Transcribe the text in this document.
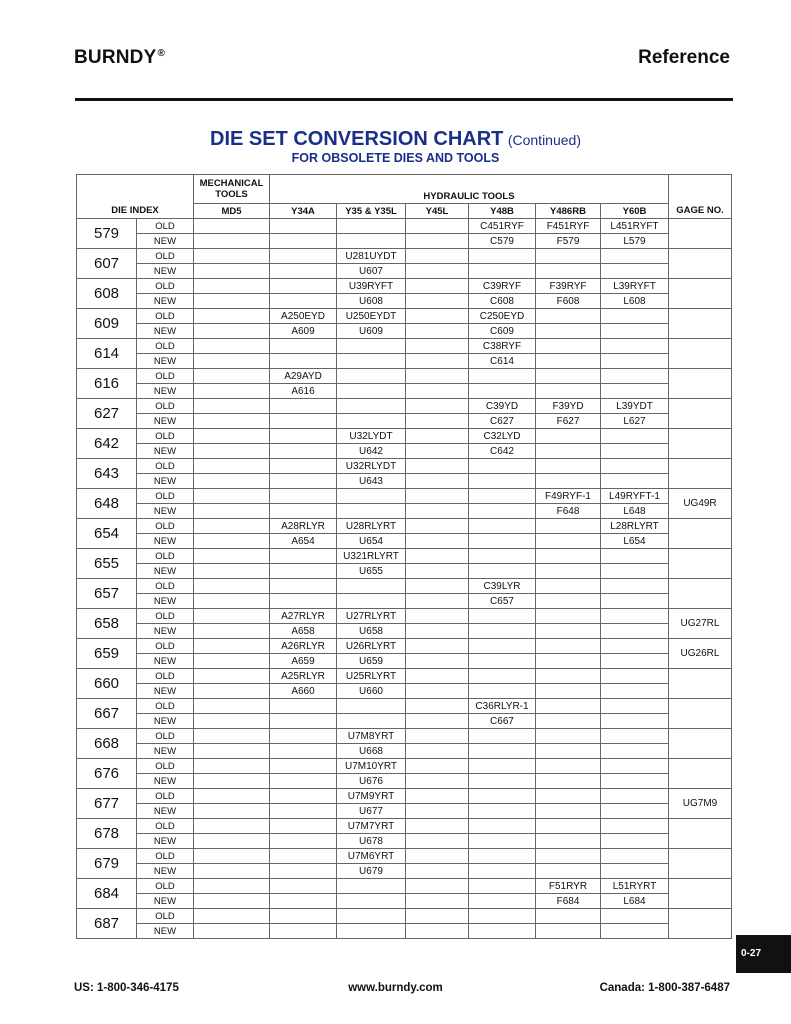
BURNDY®	Reference
DIE SET CONVERSION CHART (Continued)
FOR OBSOLETE DIES AND TOOLS
		MECHANICAL TOOLS	HYDRAULIC TOOLS						
DIE INDEX		MD5	Y34A	Y35 & Y35L	Y45L	Y48B	Y486RB	Y60B	GAGE NO.
579	OLD					C451RYF	F451RYF	L451RYFT	
	NEW					C579	F579	L579	
607	OLD			U281UYDT					
	NEW			U607					
608	OLD			U39RYFT		C39RYF	F39RYF	L39RYFT	
	NEW			U608		C608	F608	L608	
609	OLD		A250EYD	U250EYDT		C250EYD			
	NEW		A609	U609		C609			
614	OLD					C38RYF			
	NEW					C614			
616	OLD		A29AYD						
	NEW		A616						
627	OLD					C39YD	F39YD	L39YDT	
	NEW					C627	F627	L627	
642	OLD			U32LYDT		C32LYD			
	NEW			U642		C642			
643	OLD			U32RLYDT					
	NEW			U643					
648	OLD						F49RYF-1	L49RYFT-1	UG49R
	NEW						F648	L648	
654	OLD		A28RLYR	U28RLYRT				L28RLYRT	
	NEW		A654	U654				L654	
655	OLD			U321RLYRT					
	NEW			U655					
657	OLD					C39LYR			
	NEW					C657			
658	OLD		A27RLYR	U27RLYRT					UG27RL
	NEW		A658	U658					
659	OLD		A26RLYR	U26RLYRT					UG26RL
	NEW		A659	U659					
660	OLD		A25RLYR	U25RLYRT					
	NEW		A660	U660					
667	OLD					C36RLYR-1			
	NEW					C667			
668	OLD			U7M8YRT					
	NEW			U668					
676	OLD			U7M10YRT					
	NEW			U676					
677	OLD			U7M9YRT					UG7M9
	NEW			U677					
678	OLD			U7M7YRT					
	NEW			U678					
679	OLD			U7M6YRT					
	NEW			U679					
684	OLD						F51RYR	L51RYRT	
	NEW						F684	L684	
687	OLD								
	NEW								
0-27
US: 1-800-346-4175	www.burndy.com	Canada: 1-800-387-6487
